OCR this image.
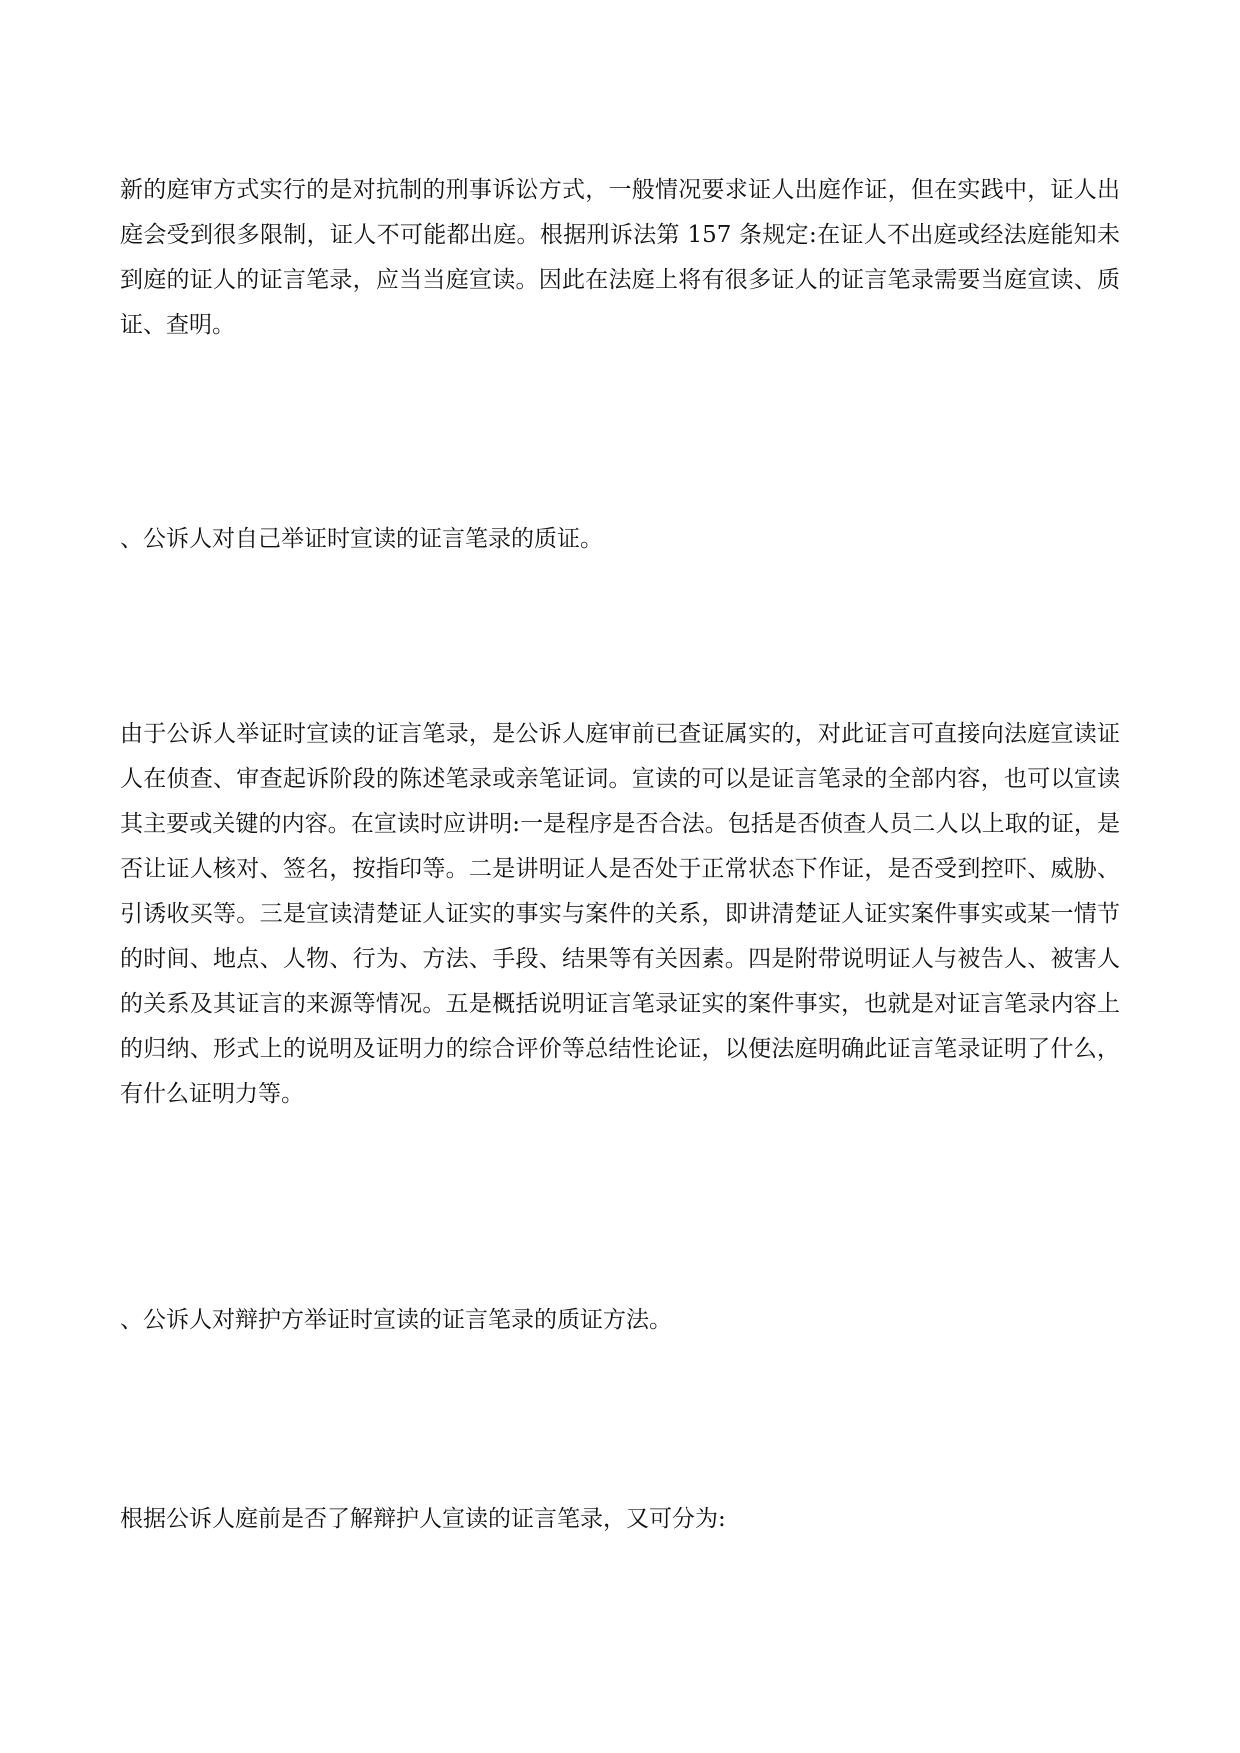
新的庭审方式实行的是对抗制的刑事诉讼方式，一般情况要求证人出庭作证，但在实践中，证人出庭会受到很多限制，证人不可能都出庭。根据刑诉法第 157 条规定:在证人不出庭或经法庭能知未到庭的证人的证言笔录，应当当庭宣读。因此在法庭上将有很多证人的证言笔录需要当庭宣读、质证、查明。

、公诉人对自己举证时宣读的证言笔录的质证。

由于公诉人举证时宣读的证言笔录，是公诉人庭审前已查证属实的，对此证言可直接向法庭宣读证人在侦查、审查起诉阶段的陈述笔录或亲笔证词。宣读的可以是证言笔录的全部内容，也可以宣读其主要或关键的内容。在宣读时应讲明:一是程序是否合法。包括是否侦查人员二人以上取的证，是否让证人核对、签名，按指印等。二是讲明证人是否处于正常状态下作证，是否受到控吓、威胁、引诱收买等。三是宣读清楚证人证实的事实与案件的关系，即讲清楚证人证实案件事实或某一情节的时间、地点、人物、行为、方法、手段、结果等有关因素。四是附带说明证人与被告人、被害人的关系及其证言的来源等情况。五是概括说明证言笔录证实的案件事实，也就是对证言笔录内容上的归纳、形式上的说明及证明力的综合评价等总结性论证，以便法庭明确此证言笔录证明了什么，有什么证明力等。

、公诉人对辩护方举证时宣读的证言笔录的质证方法。

根据公诉人庭前是否了解辩护人宣读的证言笔录，又可分为:
